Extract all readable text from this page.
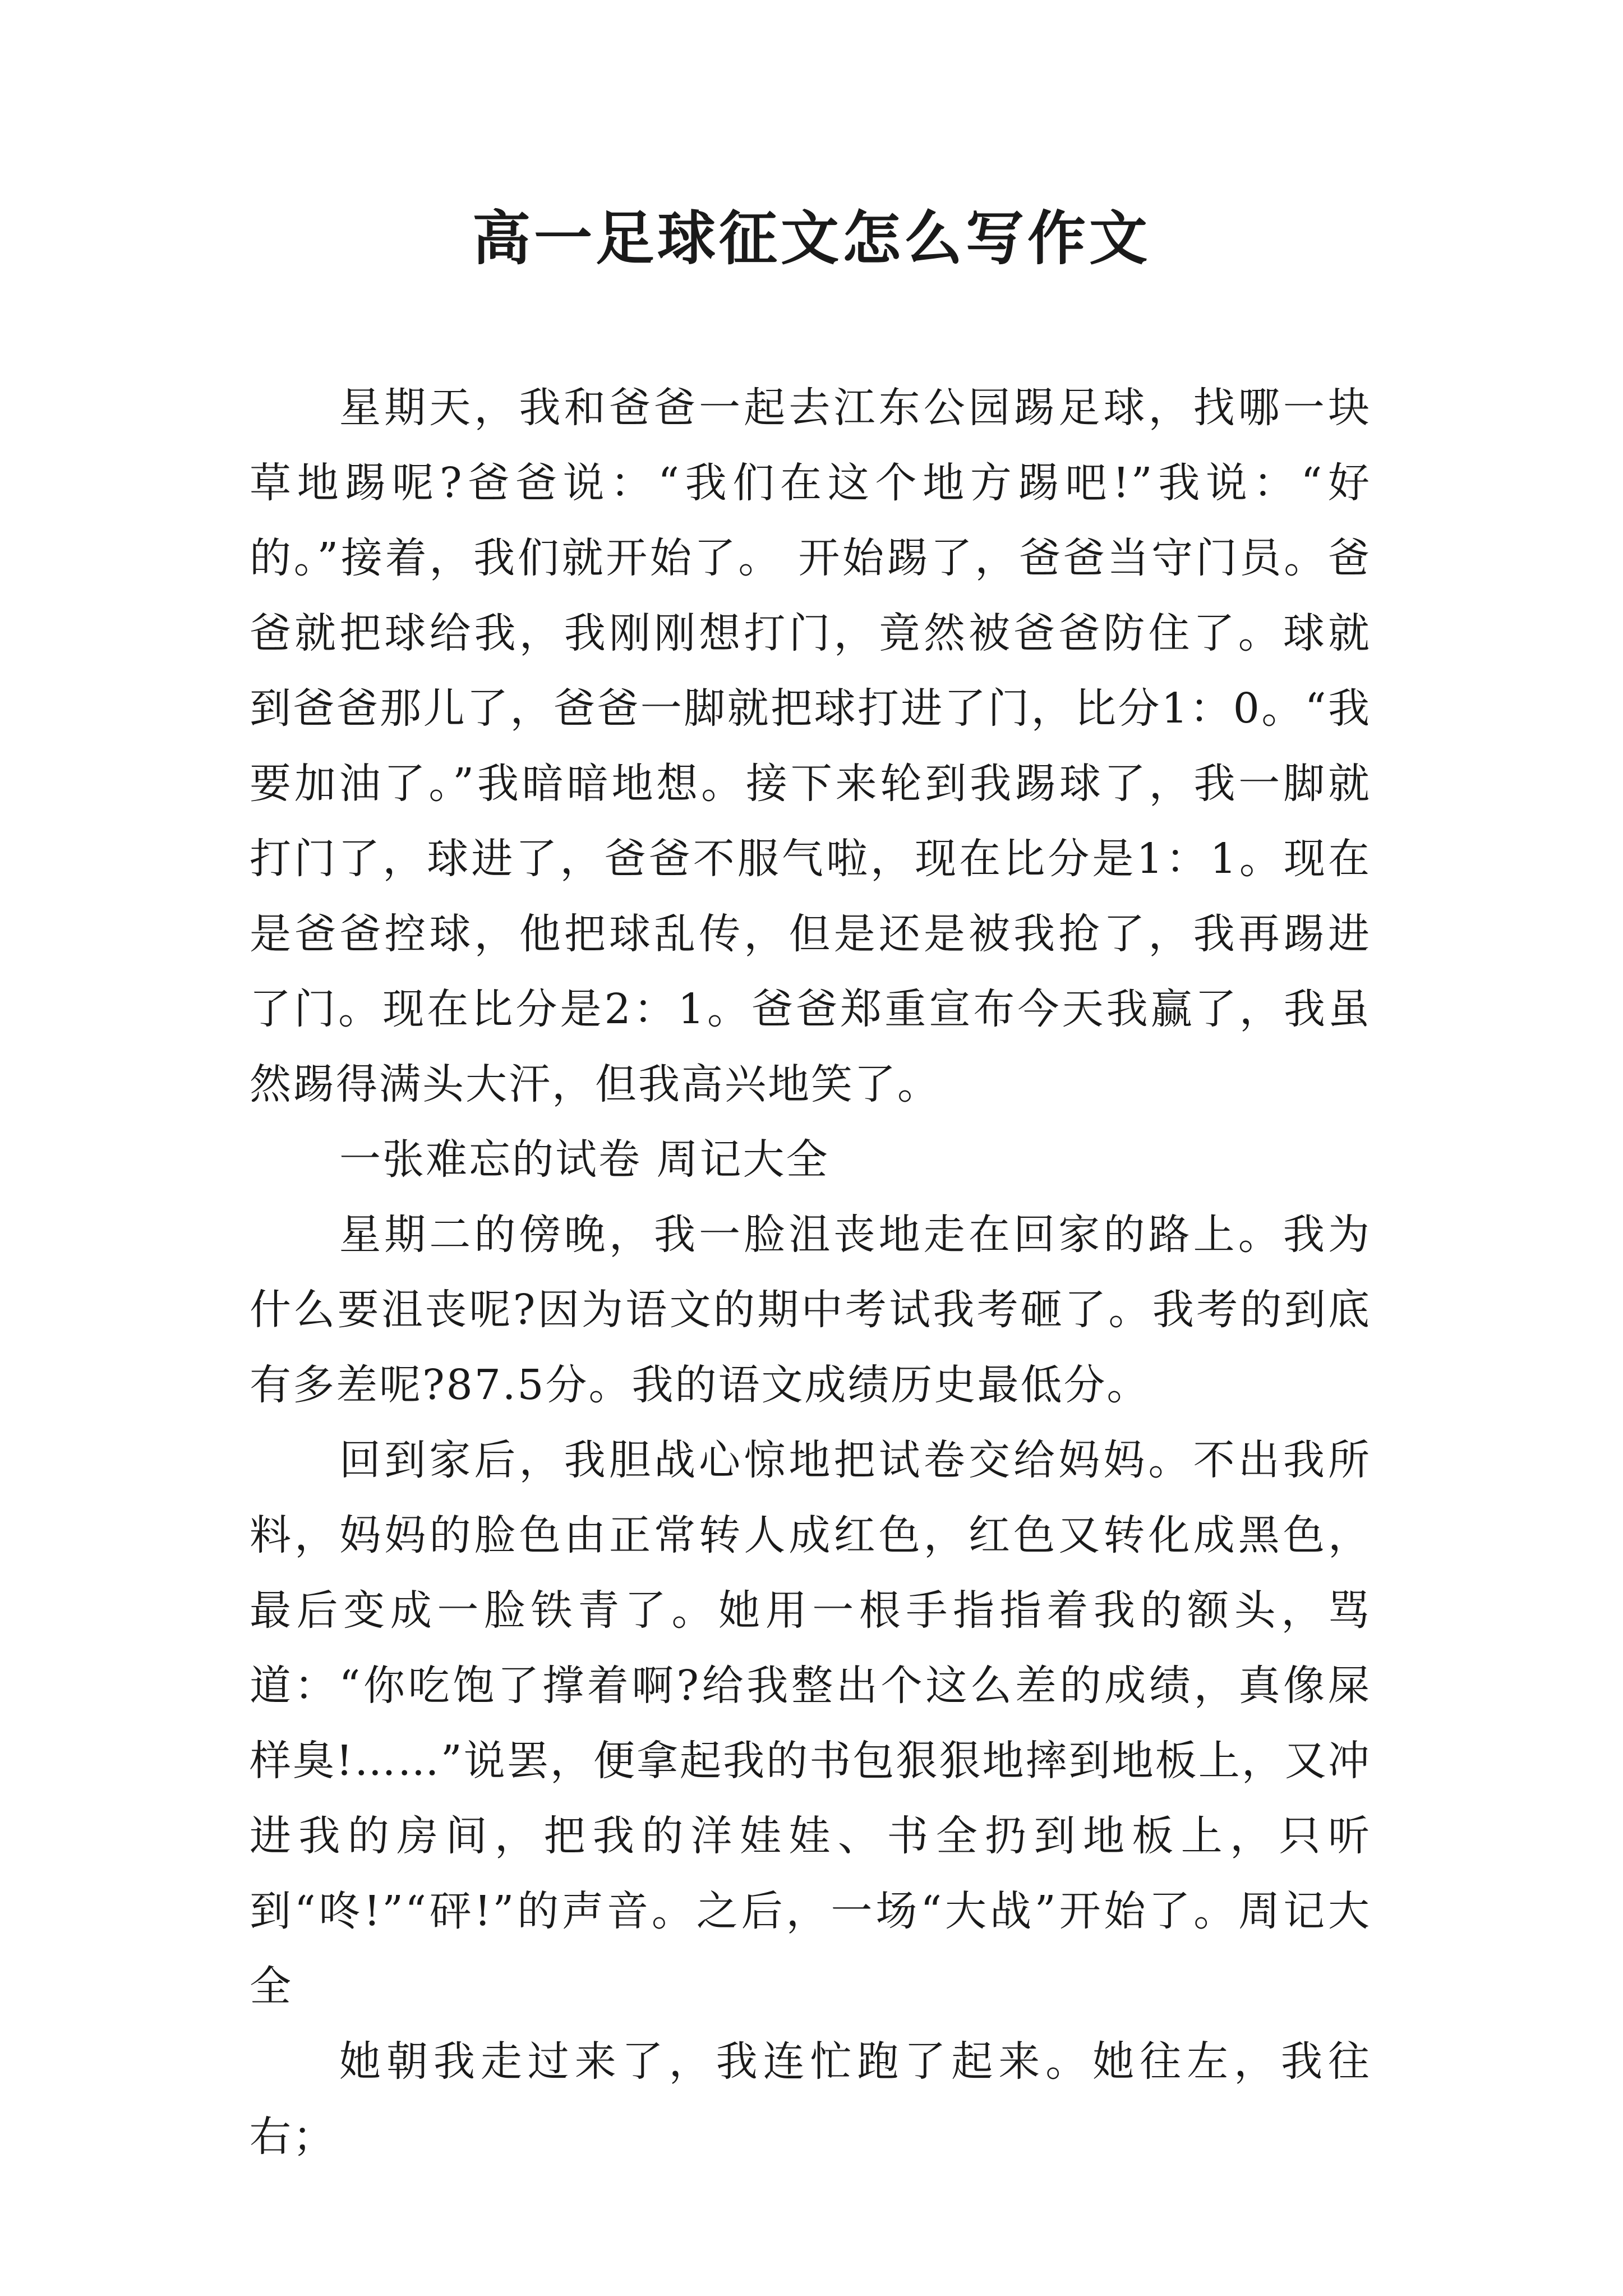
高一足球征文怎么写作文

星期天，我和爸爸一起去江东公园踢足球，找哪一块草地踢呢?爸爸说：“我们在这个地方踢吧!”我说：“好的。”接着，我们就开始了。 开始踢了，爸爸当守门员。爸爸就把球给我，我刚刚想打门，竟然被爸爸防住了。球就到爸爸那儿了，爸爸一脚就把球打进了门，比分1：0。“我要加油了。”我暗暗地想。接下来轮到我踢球了，我一脚就打门了，球进了，爸爸不服气啦，现在比分是1：1。现在是爸爸控球，他把球乱传，但是还是被我抢了，我再踢进了门。现在比分是2：1。爸爸郑重宣布今天我赢了，我虽然踢得满头大汗，但我高兴地笑了。

一张难忘的试卷 周记大全

星期二的傍晚，我一脸沮丧地走在回家的路上。我为什么要沮丧呢?因为语文的期中考试我考砸了。我考的到底有多差呢?87.5分。我的语文成绩历史最低分。

回到家后，我胆战心惊地把试卷交给妈妈。不出我所料，妈妈的脸色由正常转人成红色，红色又转化成黑色，最后变成一脸铁青了。她用一根手指指着我的额头，骂道：“你吃饱了撑着啊?给我整出个这么差的成绩，真像屎样臭!……”说罢，便拿起我的书包狠狠地摔到地板上，又冲进我的房间，把我的洋娃娃、书全扔到地板上，只听到“咚!”“砰!”的声音。之后，一场“大战”开始了。周记大全

她朝我走过来了，我连忙跑了起来。她往左，我往右；
